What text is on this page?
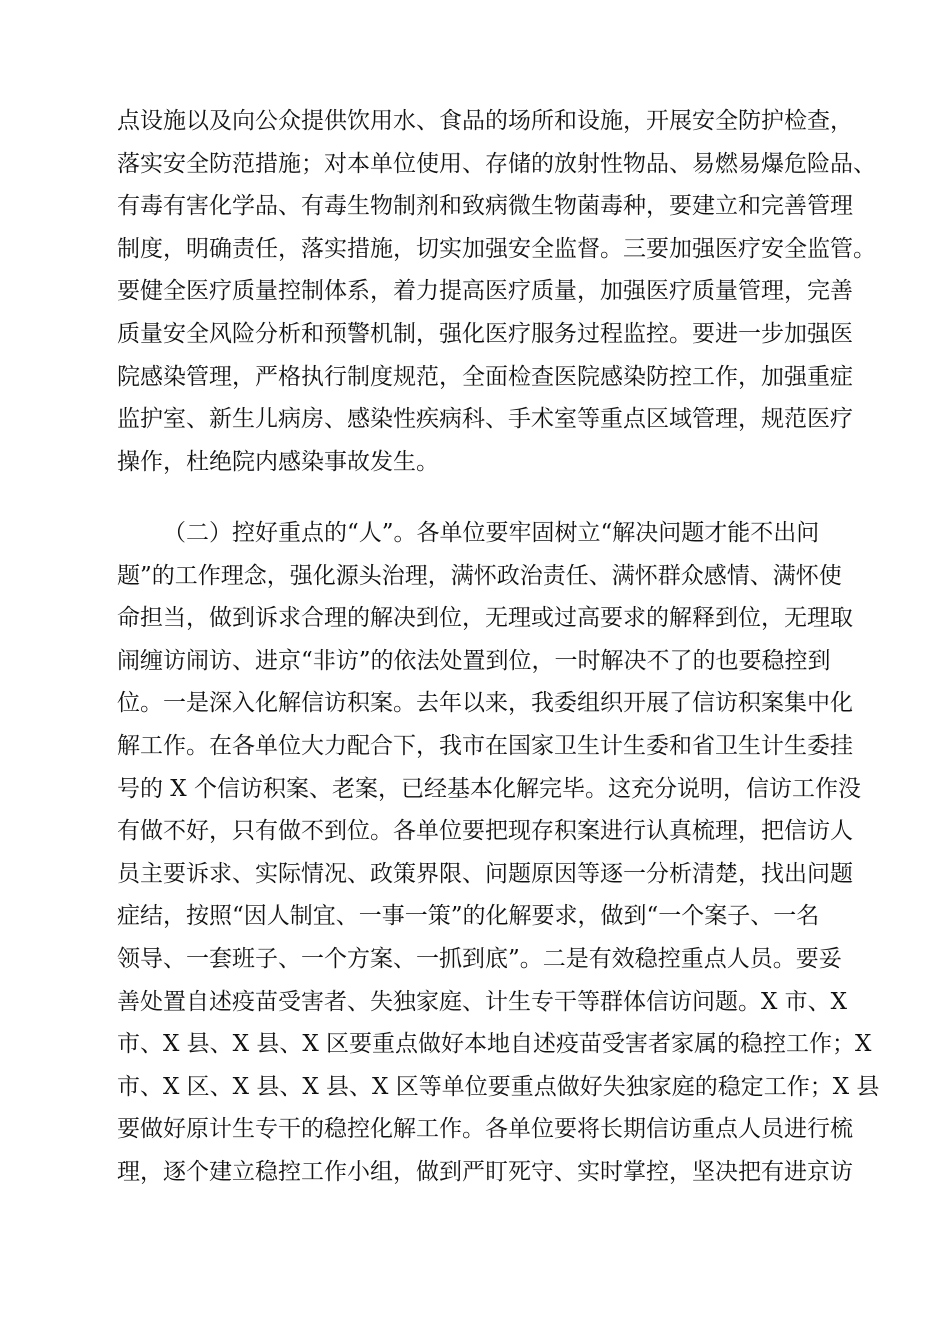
点设施以及向公众提供饮用水、食品的场所和设施，开展安全防护检查，
落实安全防范措施；对本单位使用、存储的放射性物品、易燃易爆危险品、
有毒有害化学品、有毒生物制剂和致病微生物菌毒种，要建立和完善管理
制度，明确责任，落实措施，切实加强安全监督。三要加强医疗安全监管。
要健全医疗质量控制体系，着力提高医疗质量，加强医疗质量管理，完善
质量安全风险分析和预警机制，强化医疗服务过程监控。要进一步加强医
院感染管理，严格执行制度规范，全面检查医院感染防控工作，加强重症
监护室、新生儿病房、感染性疾病科、手术室等重点区域管理，规范医疗
操作，杜绝院内感染事故发生。
（二）控好重点的“人”。各单位要牢固树立“解决问题才能不出问
题”的工作理念，强化源头治理，满怀政治责任、满怀群众感情、满怀使
命担当，做到诉求合理的解决到位，无理或过高要求的解释到位，无理取
闹缠访闹访、进京“非访”的依法处置到位，一时解决不了的也要稳控到
位。一是深入化解信访积案。去年以来，我委组织开展了信访积案集中化
解工作。在各单位大力配合下，我市在国家卫生计生委和省卫生计生委挂
号的 X 个信访积案、老案，已经基本化解完毕。这充分说明，信访工作没
有做不好，只有做不到位。各单位要把现存积案进行认真梳理，把信访人
员主要诉求、实际情况、政策界限、问题原因等逐一分析清楚，找出问题
症结，按照“因人制宜、一事一策”的化解要求，做到“一个案子、一名
领导、一套班子、一个方案、一抓到底”。二是有效稳控重点人员。要妥
善处置自述疫苗受害者、失独家庭、计生专干等群体信访问题。X 市、X
市、X 县、X 县、X 区要重点做好本地自述疫苗受害者家属的稳控工作；X
市、X 区、X 县、X 县、X 区等单位要重点做好失独家庭的稳定工作；X 县
要做好原计生专干的稳控化解工作。各单位要将长期信访重点人员进行梳
理，逐个建立稳控工作小组，做到严盯死守、实时掌控，坚决把有进京访
